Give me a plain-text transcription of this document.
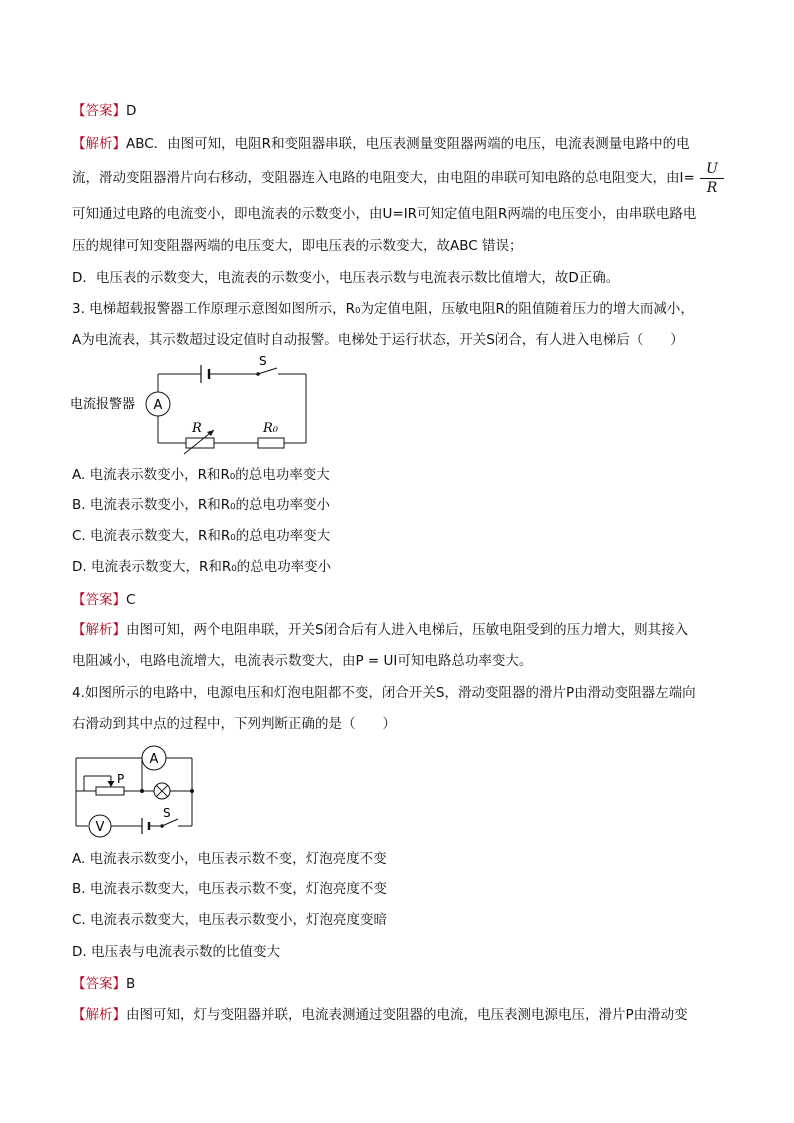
【答案】D
【解析】ABC．由图可知，电阻R和变阻器串联，电压表测量变阻器两端的电压，电流表测量电路中的电
流，滑动变阻器滑片向右移动，变阻器连入电路的电阻变大，由电阻的串联可知电路的总电阻变大，由$I= \frac{U}{R}$
可知通过电路的电流变小，即电流表的示数变小，由U=IR可知定值电阻R两端的电压变小，由串联电路电
压的规律可知变阻器两端的电压变大，即电压表的示数变大，故ABC 错误；
D．电压表的示数变大，电流表的示数变小，电压表示数与电流表示数比值增大，故D正确。
3. 电梯超载报警器工作原理示意图如图所示，R₀为定值电阻，压敏电阻R的阻值随着压力的增大而减小，
A为电流表，其示数超过设定值时自动报警。电梯处于运行状态，开关S闭合，有人进入电梯后（　　）
电流报警器
S
A
R	R₀
A. 电流表示数变小，R和R₀的总电功率变大
B. 电流表示数变小，R和R₀的总电功率变小
C. 电流表示数变大，R和R₀的总电功率变大
D. 电流表示数变大，R和R₀的总电功率变小
【答案】C
【解析】由图可知，两个电阻串联，开关S闭合后有人进入电梯后，压敏电阻受到的压力增大，则其接入
电阻减小，电路电流增大，电流表示数变大，由P = UI可知电路总功率变大。
4.如图所示的电路中，电源电压和灯泡电阻都不变，闭合开关S，滑动变阻器的滑片P由滑动变阻器左端向
右滑动到其中点的过程中，下列判断正确的是（　　）
A
P
V
S
A. 电流表示数变小，电压表示数不变，灯泡亮度不变
B. 电流表示数变大，电压表示数不变，灯泡亮度不变
C. 电流表示数变大，电压表示数变小，灯泡亮度变暗
D. 电压表与电流表示数的比值变大
【答案】B
【解析】由图可知，灯与变阻器并联，电流表测通过变阻器的电流，电压表测电源电压，滑片P由滑动变
